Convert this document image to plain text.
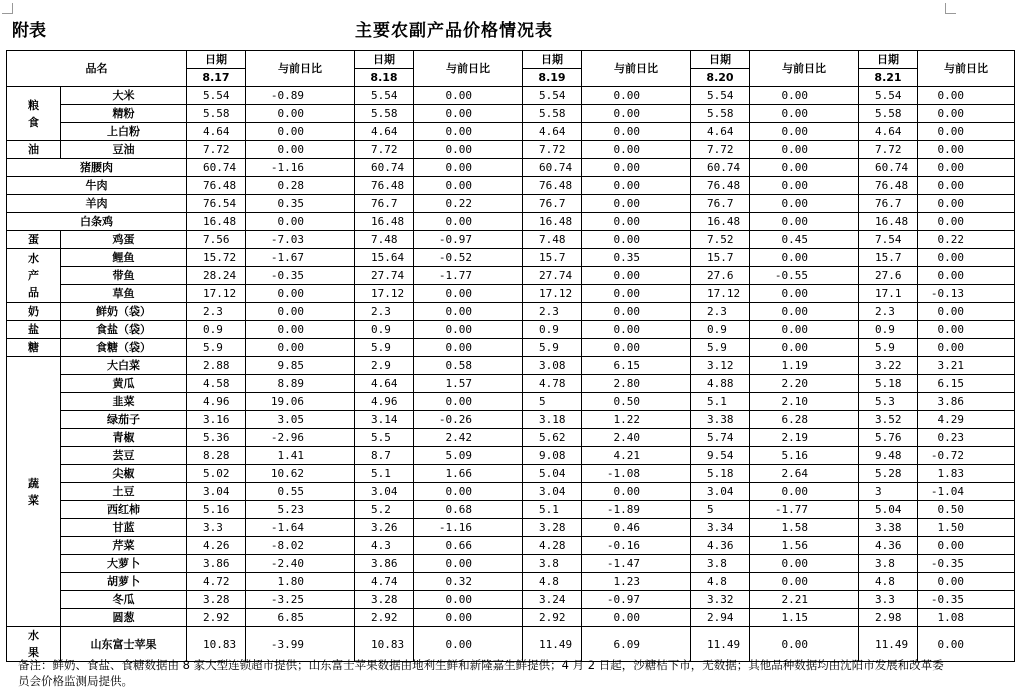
附表	主要农副产品价格情况表
品名		日期	与前日比	日期	与前日比	日期	与前日比	日期	与前日比	日期	与前日比
		8.17		8.18		8.19		8.20		8.21	
粮
食	大米	5.54	-0.89	5.54	0.00	5.54	0.00	5.54	0.00	5.54	0.00
	精粉	5.58	0.00	5.58	0.00	5.58	0.00	5.58	0.00	5.58	0.00
	上白粉	4.64	0.00	4.64	0.00	4.64	0.00	4.64	0.00	4.64	0.00
油	豆油	7.72	0.00	7.72	0.00	7.72	0.00	7.72	0.00	7.72	0.00
猪腰肉		60.74	-1.16	60.74	0.00	60.74	0.00	60.74	0.00	60.74	0.00
牛肉		76.48	0.28	76.48	0.00	76.48	0.00	76.48	0.00	76.48	0.00
羊肉		76.54	0.35	76.7	0.22	76.7	0.00	76.7	0.00	76.7	0.00
白条鸡		16.48	0.00	16.48	0.00	16.48	0.00	16.48	0.00	16.48	0.00
蛋	鸡蛋	7.56	-7.03	7.48	-0.97	7.48	0.00	7.52	0.45	7.54	0.22
水
产
品	鲤鱼	15.72	-1.67	15.64	-0.52	15.7	0.35	15.7	0.00	15.7	0.00
	带鱼	28.24	-0.35	27.74	-1.77	27.74	0.00	27.6	-0.55	27.6	0.00
	草鱼	17.12	0.00	17.12	0.00	17.12	0.00	17.12	0.00	17.1	-0.13
奶	鲜奶（袋）	2.3	0.00	2.3	0.00	2.3	0.00	2.3	0.00	2.3	0.00
盐	食盐（袋）	0.9	0.00	0.9	0.00	0.9	0.00	0.9	0.00	0.9	0.00
糖	食糖（袋）	5.9	0.00	5.9	0.00	5.9	0.00	5.9	0.00	5.9	0.00
蔬
菜	大白菜	2.88	9.85	2.9	0.58	3.08	6.15	3.12	1.19	3.22	3.21
	黄瓜	4.58	8.89	4.64	1.57	4.78	2.80	4.88	2.20	5.18	6.15
	韭菜	4.96	19.06	4.96	0.00	5	0.50	5.1	2.10	5.3	3.86
	绿茄子	3.16	3.05	3.14	-0.26	3.18	1.22	3.38	6.28	3.52	4.29
	青椒	5.36	-2.96	5.5	2.42	5.62	2.40	5.74	2.19	5.76	0.23
	芸豆	8.28	1.41	8.7	5.09	9.08	4.21	9.54	5.16	9.48	-0.72
	尖椒	5.02	10.62	5.1	1.66	5.04	-1.08	5.18	2.64	5.28	1.83
	土豆	3.04	0.55	3.04	0.00	3.04	0.00	3.04	0.00	3	-1.04
	西红柿	5.16	5.23	5.2	0.68	5.1	-1.89	5	-1.77	5.04	0.50
	甘蓝	3.3	-1.64	3.26	-1.16	3.28	0.46	3.34	1.58	3.38	1.50
	芹菜	4.26	-8.02	4.3	0.66	4.28	-0.16	4.36	1.56	4.36	0.00
	大萝卜	3.86	-2.40	3.86	0.00	3.8	-1.47	3.8	0.00	3.8	-0.35
	胡萝卜	4.72	1.80	4.74	0.32	4.8	1.23	4.8	0.00	4.8	0.00
	冬瓜	3.28	-3.25	3.28	0.00	3.24	-0.97	3.32	2.21	3.3	-0.35
	圆葱	2.92	6.85	2.92	0.00	2.92	0.00	2.94	1.15	2.98	1.08
水
果	山东富士苹果	10.83	-3.99	10.83	0.00	11.49	6.09	11.49	0.00	11.49	0.00
备注：鲜奶、食盐、食糖数据由 8 家大型连锁超市提供；山东富士苹果数据由地利生鲜和新隆嘉生鲜提供；4 月 2 日起，沙糖桔下市，无数据；其他品种数据均由沈阳市发展和改革委员会价格监测局提供。
